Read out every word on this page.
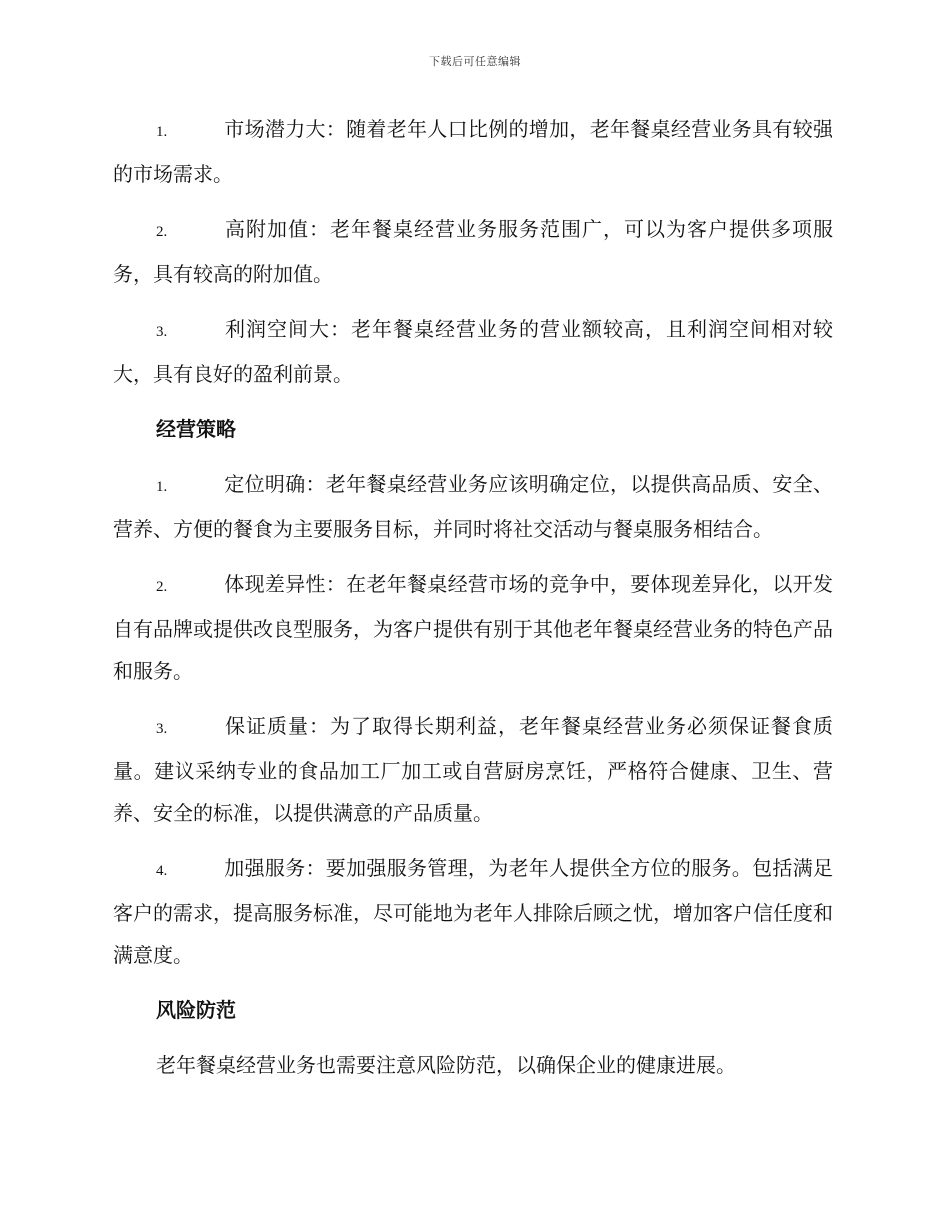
下载后可任意编辑

1.	市场潜力大：随着老年人口比例的增加，老年餐桌经营业务具有较强的市场需求。

2.	高附加值：老年餐桌经营业务服务范围广，可以为客户提供多项服务，具有较高的附加值。

3.	利润空间大：老年餐桌经营业务的营业额较高，且利润空间相对较大，具有良好的盈利前景。

经营策略

1.	定位明确：老年餐桌经营业务应该明确定位，以提供高品质、安全、营养、方便的餐食为主要服务目标，并同时将社交活动与餐桌服务相结合。

2.	体现差异性：在老年餐桌经营市场的竞争中，要体现差异化，以开发自有品牌或提供改良型服务，为客户提供有别于其他老年餐桌经营业务的特色产品和服务。

3.	保证质量：为了取得长期利益，老年餐桌经营业务必须保证餐食质量。建议采纳专业的食品加工厂加工或自营厨房烹饪，严格符合健康、卫生、营养、安全的标准，以提供满意的产品质量。

4.	加强服务：要加强服务管理，为老年人提供全方位的服务。包括满足客户的需求，提高服务标准，尽可能地为老年人排除后顾之忧，增加客户信任度和满意度。

风险防范

老年餐桌经营业务也需要注意风险防范，以确保企业的健康进展。
